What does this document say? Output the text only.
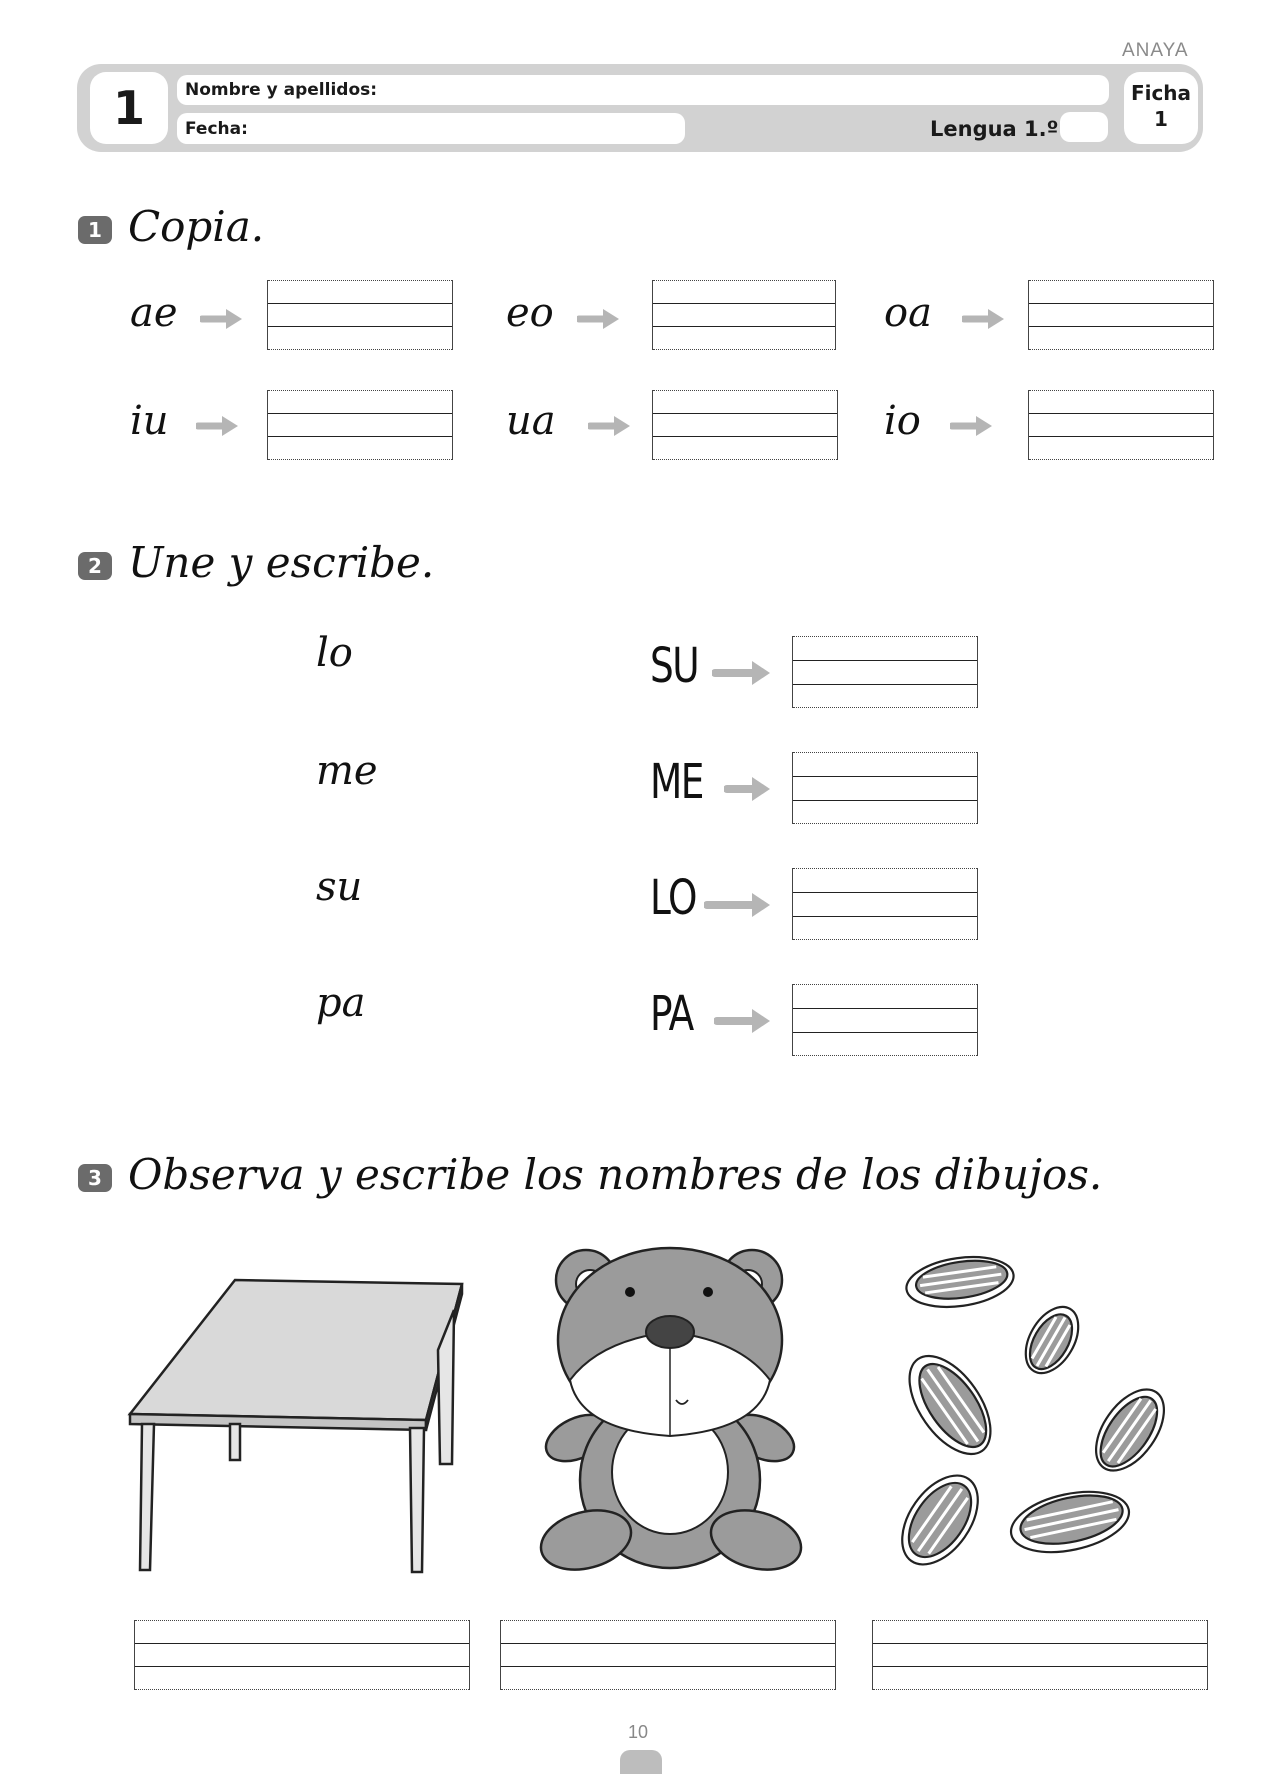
ANAYA
1	Nombre y apellidos:
Fecha:	Lengua 1.º
Ficha
1
1 Copia.
ae	eo	oa
iu	ua	io
2 Une y escribe.
lo
me
su
pa
SU
ME
LO
PA
3 Observa y escribe los nombres de los dibujos.
10
